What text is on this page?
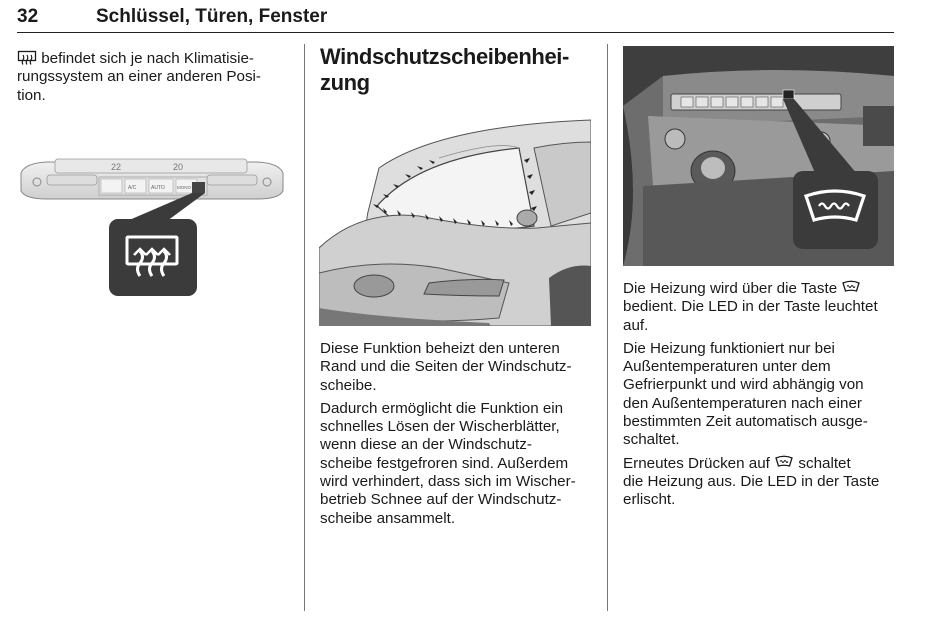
32	Schlüssel, Türen, Fenster
befindet sich je nach Klimatisie-
rungssystem an einer anderen Posi-
tion.
22	20
A/C	AUTO	MONO
Windschutzscheibenhei-
zung

Diese Funktion beheizt den unteren
Rand und die Seiten der Windschutz-
scheibe.

Dadurch ermöglicht die Funktion ein
schnelles Lösen der Wischerblätter,
wenn diese an der Windschutz-
scheibe festgefroren sind. Außerdem
wird verhindert, dass sich im Wischer-
betrieb Schnee auf der Windschutz-
scheibe ansammelt.

Die Heizung wird über die Taste
bedient. Die LED in der Taste leuchtet
auf.

Die Heizung funktioniert nur bei
Außentemperaturen unter dem
Gefrierpunkt und wird abhängig von
den Außentemperaturen nach einer
bestimmten Zeit automatisch ausge-
schaltet.

Erneutes Drücken auf schaltet
die Heizung aus. Die LED in der Taste
erlischt.
